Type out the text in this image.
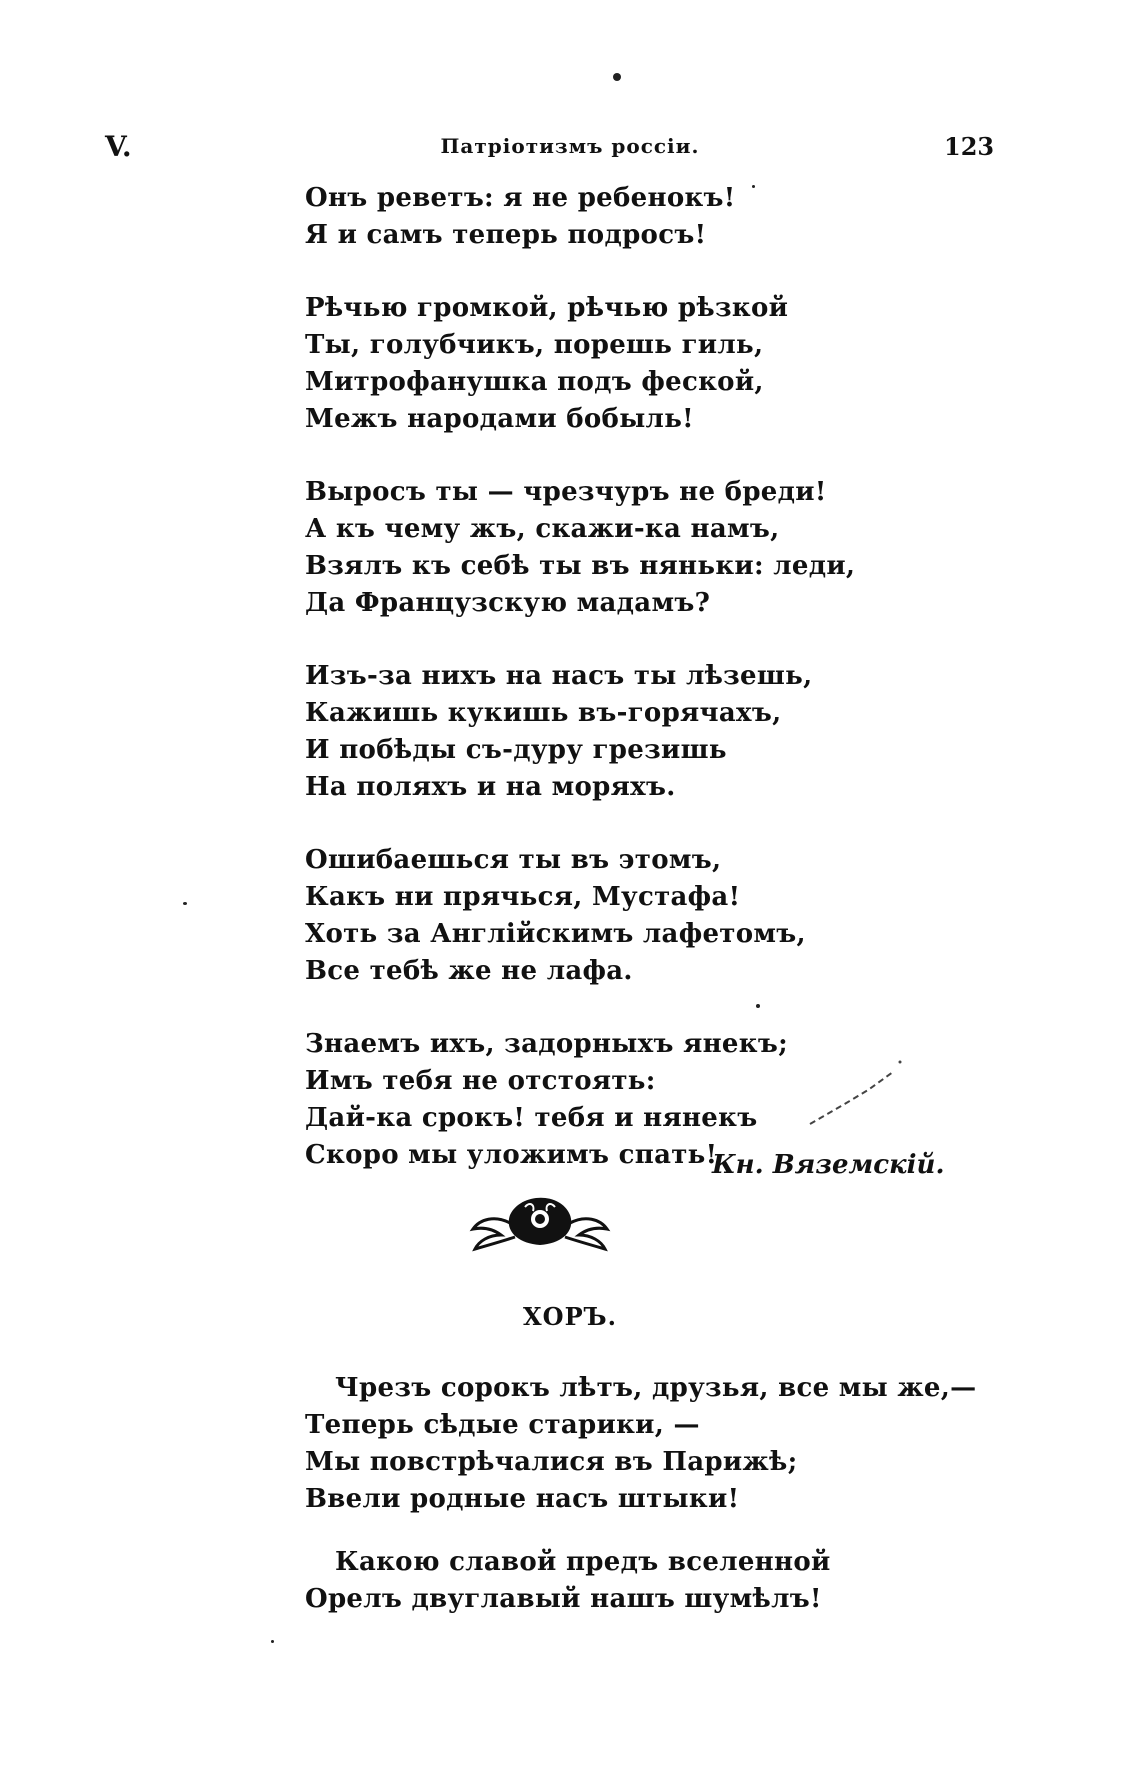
V.	Патріотизмъ россіи.	123
Онъ реветъ: я не ребенокъ!
Я и самъ теперь подросъ!
Рѣчью громкой, рѣчью рѣзкой
Ты, голубчикъ, порешь гиль,
Митрофанушка подъ феской,
Межъ народами бобыль!
Выросъ ты — чрезчуръ не бреди!
А къ чему жъ, скажи-ка намъ,
Взялъ къ себѣ ты въ няньки: леди,
Да Французскую мадамъ?
Изъ-за нихъ на насъ ты лѣзешь,
Кажишь кукишь въ-горячахъ,
И побѣды съ-дуру грезишь
На поляхъ и на моряхъ.
Ошибаешься ты въ этомъ,
Какъ ни прячься, Мустафа!
Хоть за Англійскимъ лафетомъ,
Все тебѣ же не лафа.
Знаемъ ихъ, задорныхъ янекъ;
Имъ тебя не отстоять:
Дай-ка срокъ! тебя и нянекъ
Скоро мы уложимъ спать!
Кн. Вяземскій.
ХОРЪ.
Чрезъ сорокъ лѣтъ, друзья, все мы же,—
Теперь сѣдые старики, —
Мы повстрѣчалися въ Парижѣ;
Ввели родные насъ штыки!
Какою славой предъ вселенной
Орелъ двуглавый нашъ шумѣлъ!
